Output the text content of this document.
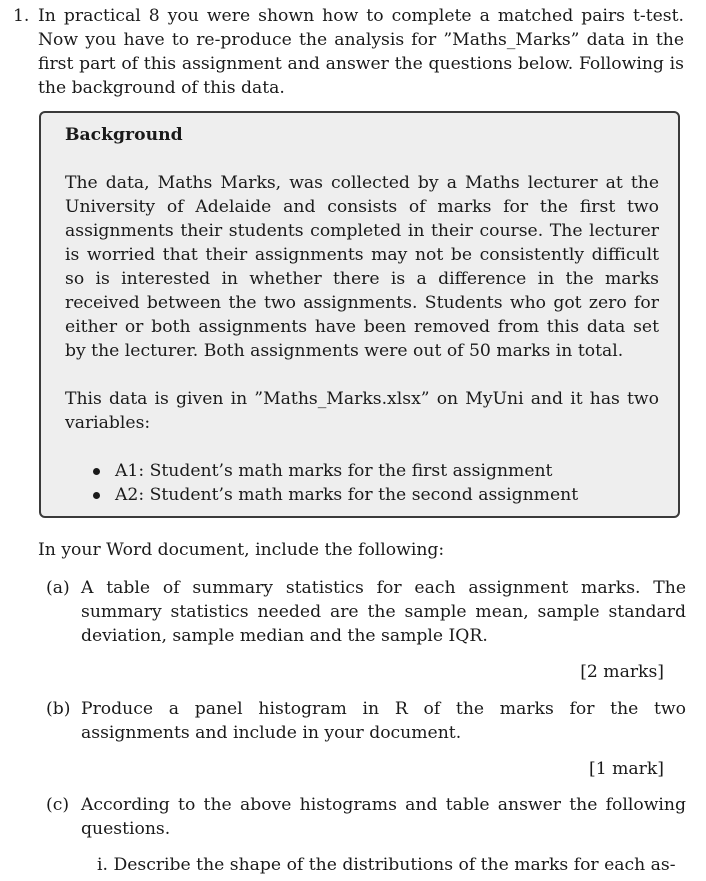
1. In practical 8 you were shown how to complete a matched pairs t-test. Now you have to re-produce the analysis for ”Maths_Marks” data in the first part of this assignment and answer the questions below. Following is the background of this data.

Background

The data, Maths Marks, was collected by a Maths lecturer at the University of Adelaide and consists of marks for the first two assignments their students completed in their course. The lecturer is worried that their assignments may not be consistently difficult so is interested in whether there is a difference in the marks received between the two assignments. Students who got zero for either or both assignments have been removed from this data set by the lecturer. Both assignments were out of 50 marks in total.

This data is given in ”Maths_Marks.xlsx” on MyUni and it has two variables:

A1: Student’s math marks for the first assignment
A2: Student’s math marks for the second assignment

In your Word document, include the following:

(a) A table of summary statistics for each assignment marks. The summary statistics needed are the sample mean, sample standard deviation, sample median and the sample IQR.
[2 marks]
(b) Produce a panel histogram in R of the marks for the two assignments and include in your document.
[1 mark]
(c) According to the above histograms and table answer the following questions.
i. Describe the shape of the distributions of the marks for each as-
